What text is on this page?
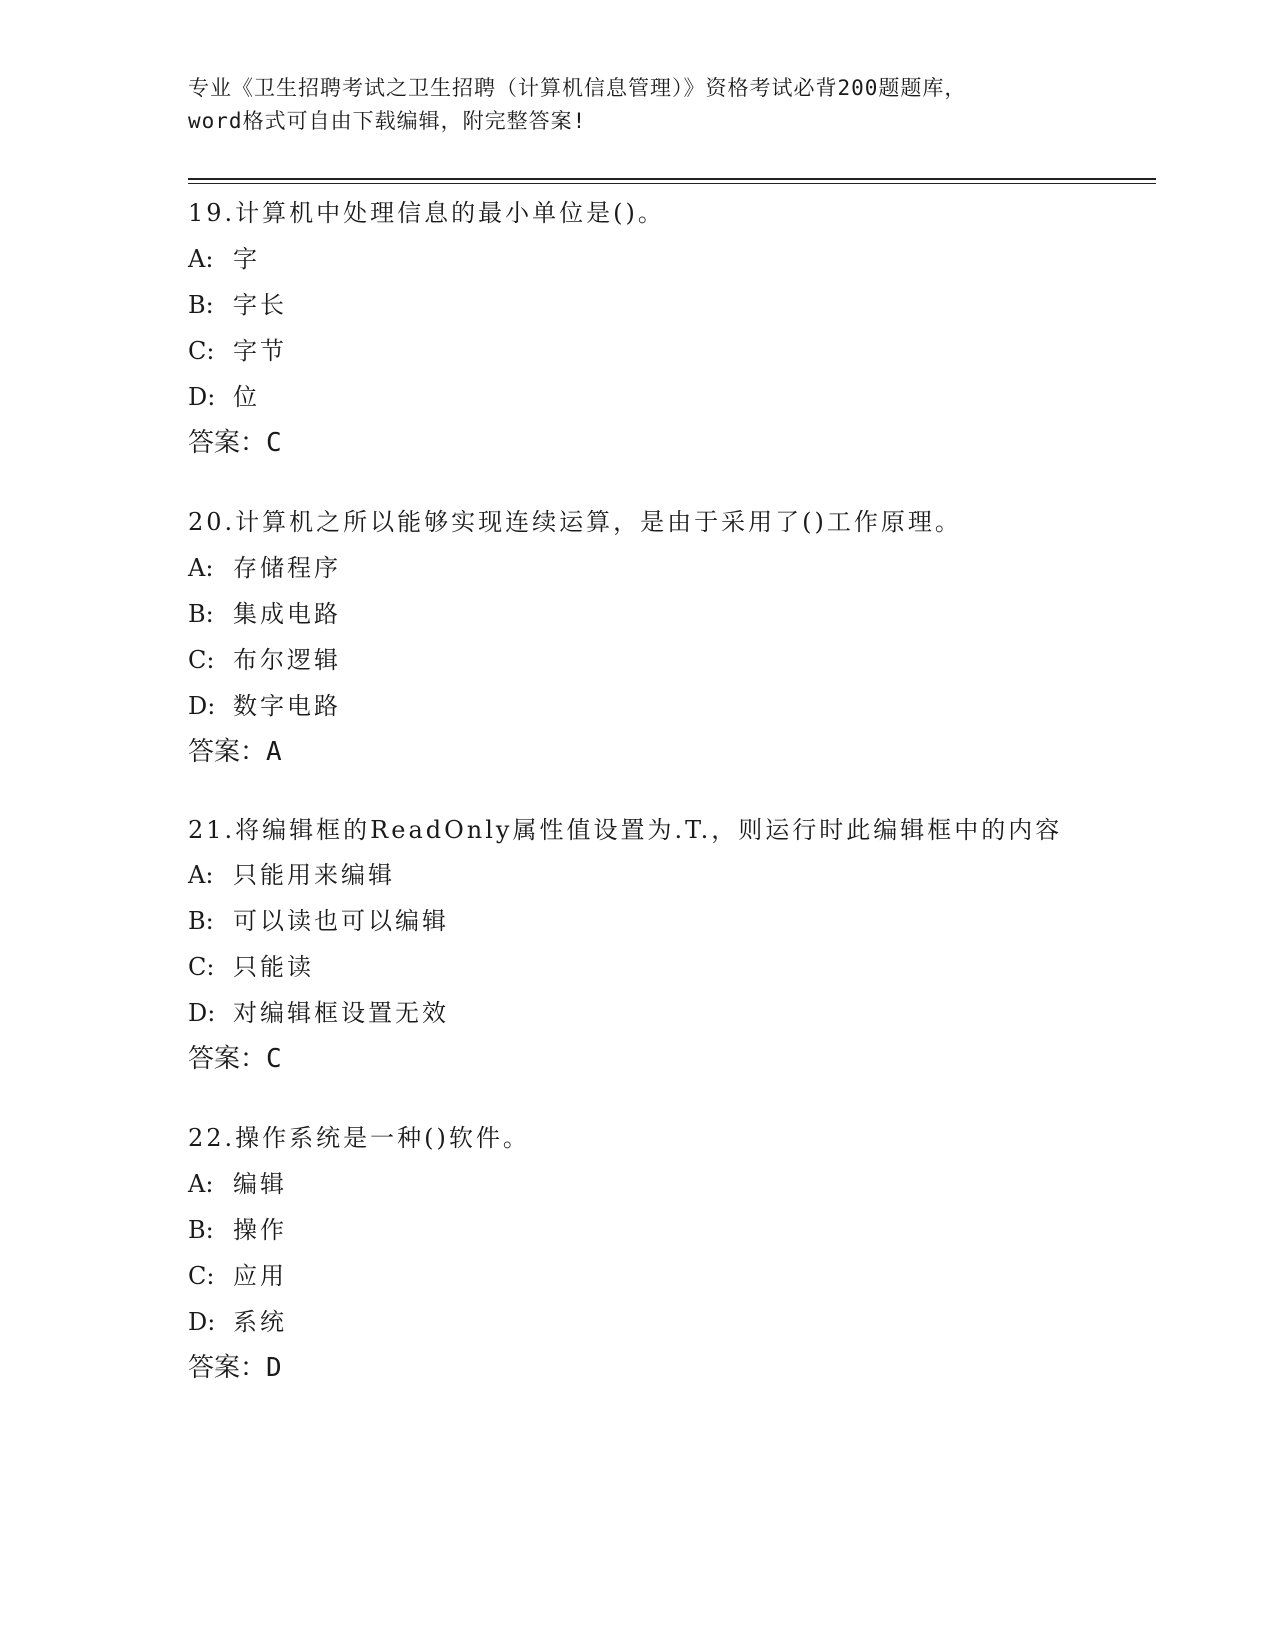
专业《卫生招聘考试之卫生招聘（计算机信息管理）》资格考试必背200题题库，
word格式可自由下载编辑，附完整答案!

19.计算机中处理信息的最小单位是()。

A: 字

B: 字长

C: 字节

D: 位

答案：C

20.计算机之所以能够实现连续运算，是由于采用了()工作原理。

A: 存储程序

B: 集成电路

C: 布尔逻辑

D: 数字电路

答案：A

21.将编辑框的ReadOnly属性值设置为.T.，则运行时此编辑框中的内容

A: 只能用来编辑

B: 可以读也可以编辑

C: 只能读

D: 对编辑框设置无效

答案：C

22.操作系统是一种()软件。

A: 编辑

B: 操作

C: 应用

D: 系统

答案：D
